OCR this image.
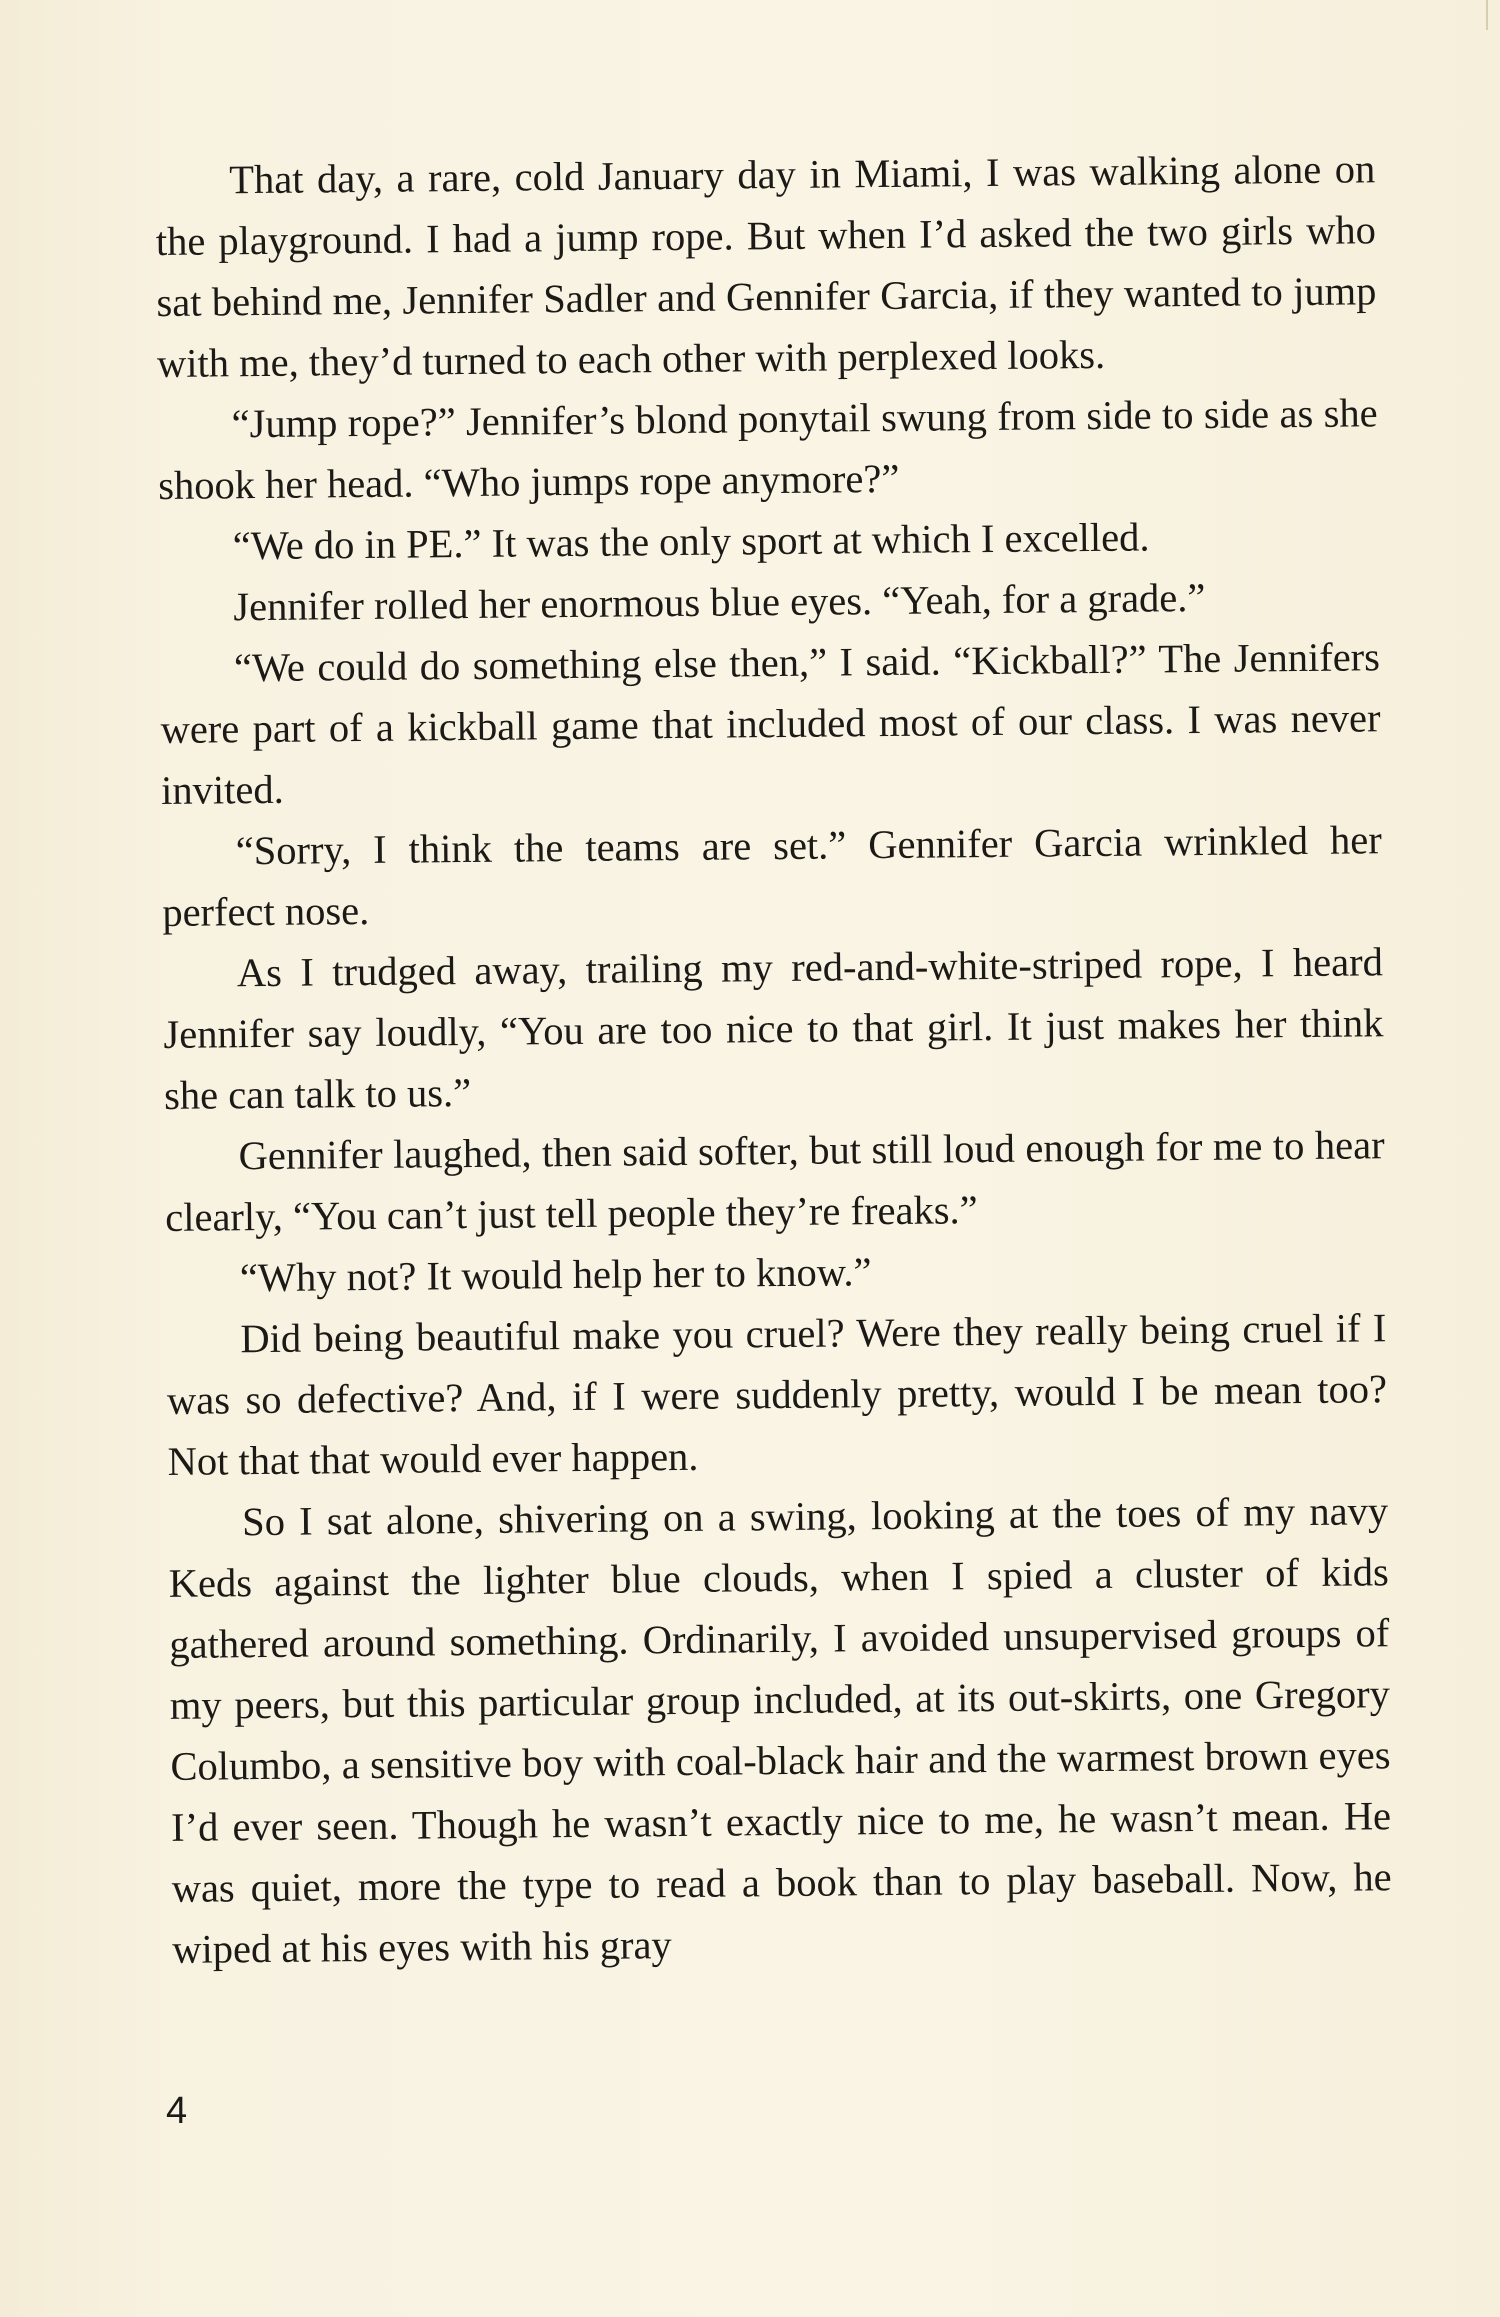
That day, a rare, cold January day in Miami, I was walking alone on the playground. I had a jump rope. But when I’d asked the two girls who sat behind me, Jennifer Sadler and Gennifer Garcia, if they wanted to jump with me, they’d turned to each other with perplexed looks.

“Jump rope?” Jennifer’s blond ponytail swung from side to side as she shook her head. “Who jumps rope anymore?”

“We do in PE.” It was the only sport at which I excelled.

Jennifer rolled her enormous blue eyes. “Yeah, for a grade.”

“We could do something else then,” I said. “Kickball?” The Jennifers were part of a kickball game that included most of our class. I was never invited.

“Sorry, I think the teams are set.” Gennifer Garcia wrinkled her perfect nose.

As I trudged away, trailing my red-and-white-striped rope, I heard Jennifer say loudly, “You are too nice to that girl. It just makes her think she can talk to us.”

Gennifer laughed, then said softer, but still loud enough for me to hear clearly, “You can’t just tell people they’re freaks.”

“Why not? It would help her to know.”

Did being beautiful make you cruel? Were they really being cruel if I was so defective? And, if I were suddenly pretty, would I be mean too? Not that that would ever happen.

So I sat alone, shivering on a swing, looking at the toes of my navy Keds against the lighter blue clouds, when I spied a cluster of kids gathered around something. Ordinarily, I avoided unsupervised groups of my peers, but this particular group included, at its out-skirts, one Gregory Columbo, a sensitive boy with coal-black hair and the warmest brown eyes I’d ever seen. Though he wasn’t exactly nice to me, he wasn’t mean. He was quiet, more the type to read a book than to play baseball. Now, he wiped at his eyes with his gray

4
